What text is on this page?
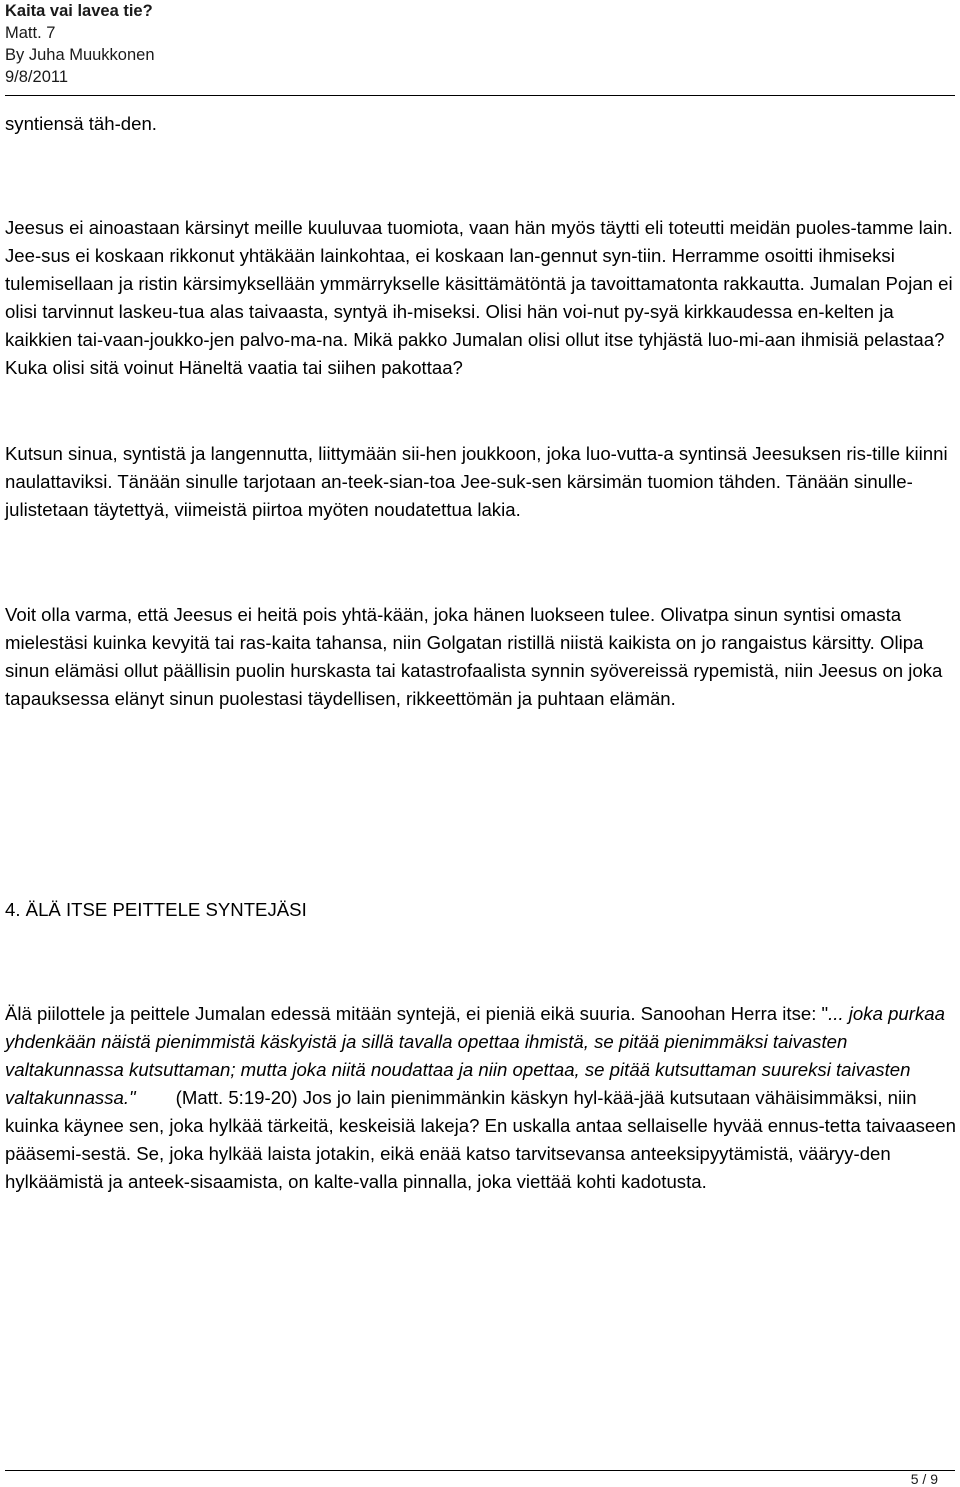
Kaita vai lavea tie?
Matt. 7
By Juha Muukkonen
9/8/2011

syntiensä täh-den.

Jeesus ei ainoastaan kärsinyt meille kuuluvaa tuomiota, vaan hän myös täytti eli toteutti meidän puoles-tamme lain. Jee-sus ei koskaan rikkonut yhtäkään lainkohtaa, ei koskaan lan-gennut syn-tiin. Herramme osoitti ihmiseksi tulemisellaan ja ristin kärsimyksellään ymmärrykselle käsittämätöntä ja tavoittamatonta rakkautta. Jumalan Pojan ei olisi tarvinnut laskeu-tua alas taivaasta, syntyä ih-miseksi. Olisi hän voi-nut py-syä kirkkaudessa en-kelten ja kaikkien tai-vaan-joukko-jen palvo-ma-na. Mikä pakko Jumalan olisi ollut itse tyhjästä luo-mi-aan ihmisiä pelastaa? Kuka olisi sitä voinut Häneltä vaatia tai siihen pakottaa?

Kutsun sinua, syntistä ja langennutta, liittymään sii-hen joukkoon, joka luo-vutta-a syntinsä Jeesuksen ris-tille kiinni naulattaviksi. Tänään sinulle tarjotaan an-teek-sian-toa Jee-suk-sen kärsimän tuomion tähden. Tänään sinulle- julistetaan täytettyä, viimeistä piirtoa myöten noudatettua lakia.

Voit olla varma, että Jeesus ei heitä pois yhtä-kään, joka hänen luokseen tulee. Olivatpa sinun syntisi omasta mielestäsi kuinka kevyitä tai ras-kaita tahansa, niin Golgatan ristillä niistä kaikista on jo rangaistus kärsitty. Olipa sinun elämäsi ollut päällisin puolin hurskasta tai katastrofaalista synnin syövereissä rypemistä, niin Jeesus on joka tapauksessa elänyt sinun puolestasi täydellisen, rikkeettömän ja puhtaan elämän.

4. ÄLÄ ITSE PEITTELE SYNTEJÄSI

Älä piilottele ja peittele Jumalan edessä mitään syntejä, ei pieniä eikä suuria. Sanoohan Herra itse: "... joka purkaa yhdenkään näistä pienimmistä käskyistä ja sillä tavalla opettaa ihmistä, se pitää pienimmäksi taivasten valtakunnassa kutsuttaman; mutta joka niitä noudattaa ja niin opettaa, se pitää kutsuttaman suureksi taivasten valtakunnassa." (Matt. 5:19-20) Jos jo lain pienimmänkin käskyn hyl-kää-jää kutsutaan vähäisimmäksi, niin kuinka käynee sen, joka hylkää tärkeitä, keskeisiä lakeja? En uskalla antaa sellaiselle hyvää ennus-tetta taivaaseen pääsemi-sestä. Se, joka hylkää laista jotakin, eikä enää katso tarvitsevansa anteeksipyytämistä, vääryy-den hylkäämistä ja anteek-sisaamista, on kalte-valla pinnalla, joka viettää kohti kadotusta.

5 / 9
